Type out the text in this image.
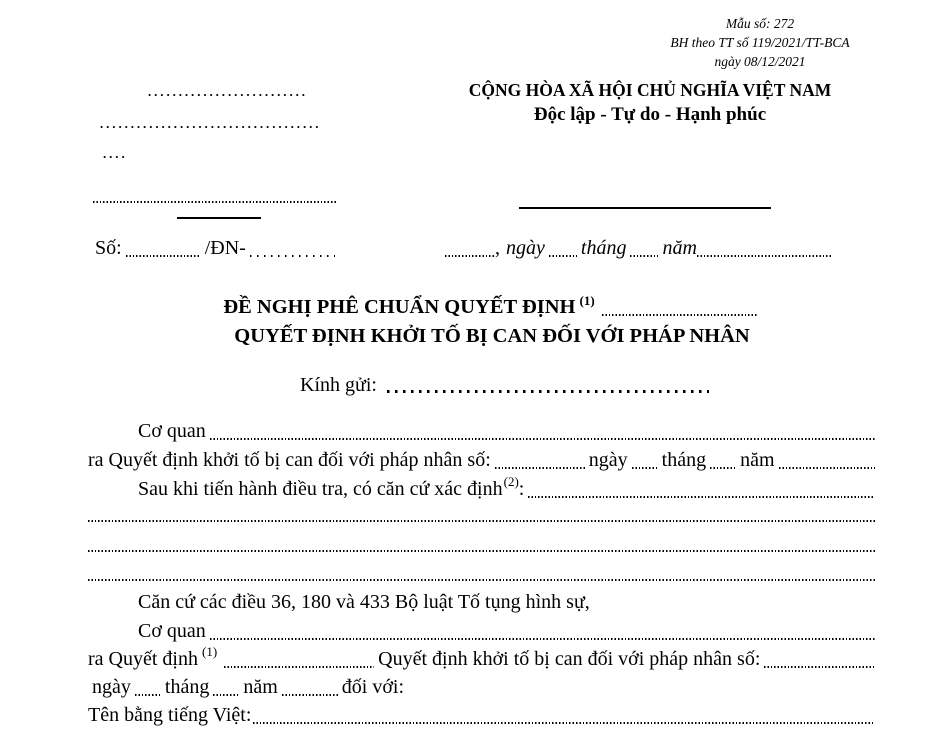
Mẫu số: 272
BH theo TT số 119/2021/TT-BCA
ngày 08/12/2021
CỘNG HÒA XÃ HỘI CHỦ NGHĨA VIỆT NAM
Độc lập - Tự do - Hạnh phúc
..........................
....................................
....
Số:	/ĐN-	, ngày tháng năm
ĐỀ NGHỊ PHÊ CHUẨN QUYẾT ĐỊNH (1)
QUYẾT ĐỊNH KHỞI TỐ BỊ CAN ĐỐI VỚI PHÁP NHÂN
Kính gửi:
Cơ quan
ra Quyết định khởi tố bị can đối với pháp nhân số:	ngày tháng năm
Sau khi tiến hành điều tra, có căn cứ xác định (2) :
Căn cứ các điều 36, 180 và 433 Bộ luật Tố tụng hình sự,
Cơ quan
ra Quyết định (1)	Quyết định khởi tố bị can đối với pháp nhân số:
ngày tháng năm	đối với:
Tên bằng tiếng Việt:
